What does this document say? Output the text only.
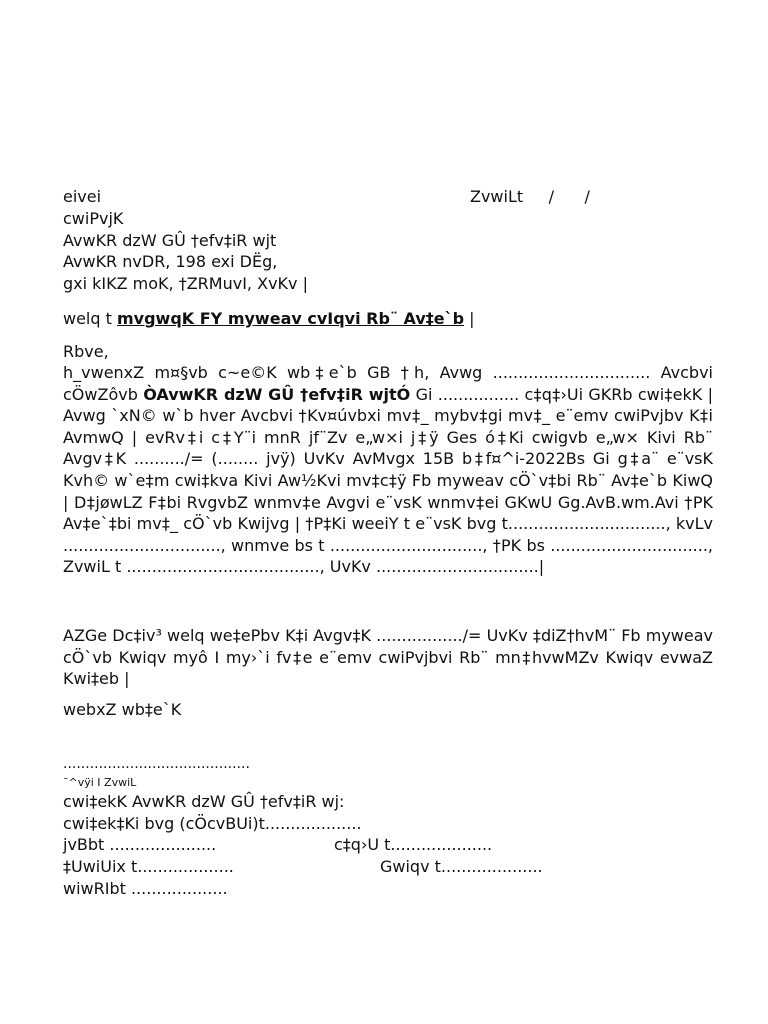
eivei	ZvwiLt     /      /
cwiPvjK
AvwKR dzW GÛ †efv‡iR wjt
AvwKR nvDR, 198 exi DËg,
gxi kIKZ moK, †ZRMuvI, XvKv |
welq t mvgwqK FY myweav cvIqvi Rb¨ Av‡e`b |
Rbve,
h_vwenxZ m¤§vb c~e©K wb‡e`b GB †h, Avwg ............................... Avcbvi cÖwZôvb ÒAvwKR dzW GÛ †efv‡iR wjtÓ Gi ................ c‡q‡›Ui GKRb cwi‡ekK | Avwg `xN© w`b hver Avcbvi †Kv¤úvbxi mv‡_ mybv‡gi mv‡_ e¨emv cwiPvjbv K‡i AvmwQ | evRv‡i c‡Y¨i mnR jf¨Zv e„w×i j‡ÿ Ges ó‡Ki cwigvb e„w× Kivi Rb¨ Avgv‡K ........../= (........ jvÿ) UvKv AvMvgx 15B b‡f¤^i-2022Bs Gi g‡a¨ e¨vsK Kvh© w`e‡m cwi‡kva Kivi Aw½Kvi mv‡c‡ÿ Fb myweav cÖ`v‡bi Rb¨ Av‡e`b KiwQ | D‡jøwLZ F‡bi RvgvbZ wnmv‡e Avgvi e¨vsK wnmv‡ei GKwU Gg.AvB.wm.Avi †PK Av‡e`‡bi mv‡_ cÖ`vb Kwijvg | †P‡Ki weeiY t e¨vsK bvg t..............................., kvLv ..............................., wnmve bs t .............................., †PK bs ..............................., ZvwiL t ......................................, UvKv ................................|
AZGe Dc‡iv³ welq we‡ePbv K‡i Avgv‡K ................./= UvKv ‡diZ†hvM¨ Fb myweav cÖ`vb Kwiqv myô I my›`i fv‡e e¨emv cwiPvjbvi Rb¨ mn‡hvwMZv Kwiqv evwaZ Kwi‡eb |
webxZ wb‡e`K
..........................................
¯^vÿi I ZvwiL
cwi‡ekK AvwKR dzW GÛ †efv‡iR wj:
cwi‡ek‡Ki bvg (cÖcvBUi)t...................
jvBbt .....................	c‡q›U t....................
‡UwiUix t...................	Gwiqv t....................
wiwRIbt ...................
